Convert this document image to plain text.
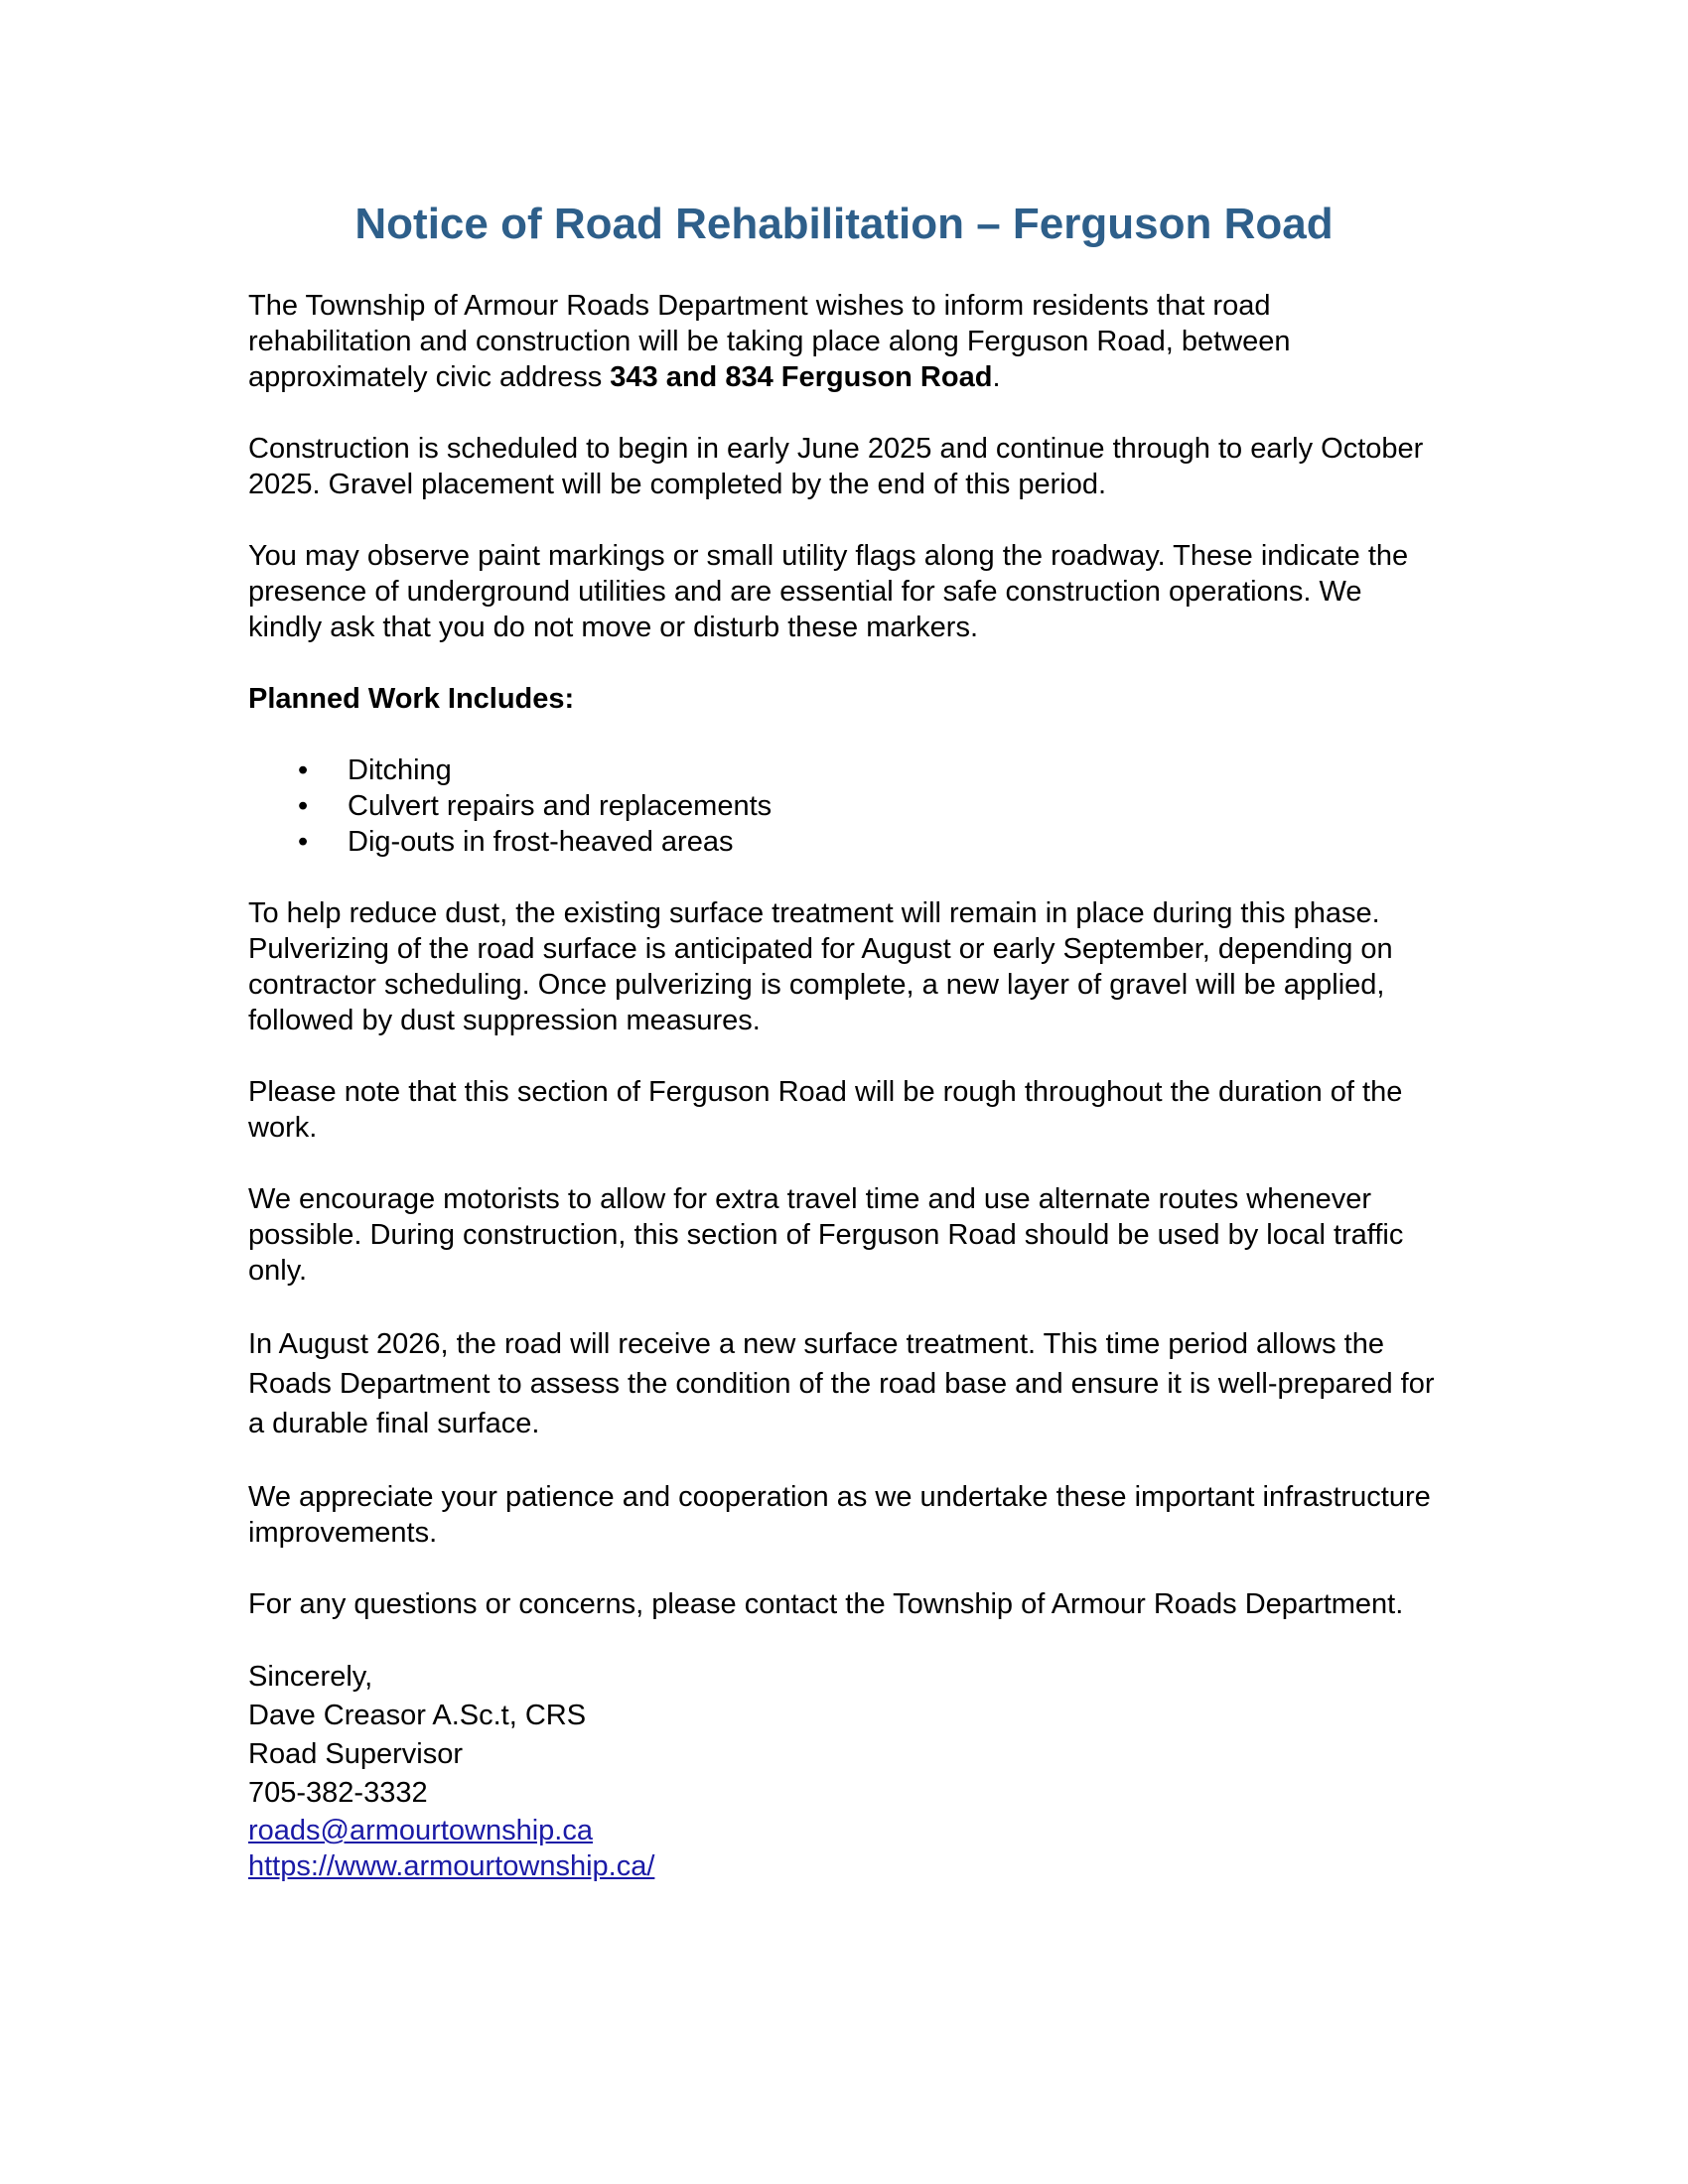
Notice of Road Rehabilitation – Ferguson Road

The Township of Armour Roads Department wishes to inform residents that road rehabilitation and construction will be taking place along Ferguson Road, between approximately civic address 343 and 834 Ferguson Road.

Construction is scheduled to begin in early June 2025 and continue through to early October 2025. Gravel placement will be completed by the end of this period.

You may observe paint markings or small utility flags along the roadway. These indicate the presence of underground utilities and are essential for safe construction operations. We kindly ask that you do not move or disturb these markers.

Planned Work Includes:

• Ditching
• Culvert repairs and replacements
• Dig-outs in frost-heaved areas

To help reduce dust, the existing surface treatment will remain in place during this phase. Pulverizing of the road surface is anticipated for August or early September, depending on contractor scheduling. Once pulverizing is complete, a new layer of gravel will be applied, followed by dust suppression measures.

Please note that this section of Ferguson Road will be rough throughout the duration of the work.

We encourage motorists to allow for extra travel time and use alternate routes whenever possible. During construction, this section of Ferguson Road should be used by local traffic only.

In August 2026, the road will receive a new surface treatment. This time period allows the Roads Department to assess the condition of the road base and ensure it is well-prepared for a durable final surface.

We appreciate your patience and cooperation as we undertake these important infrastructure improvements.

For any questions or concerns, please contact the Township of Armour Roads Department.

Sincerely,
Dave Creasor A.Sc.t, CRS
Road Supervisor
705-382-3332
roads@armourtownship.ca
https://www.armourtownship.ca/
